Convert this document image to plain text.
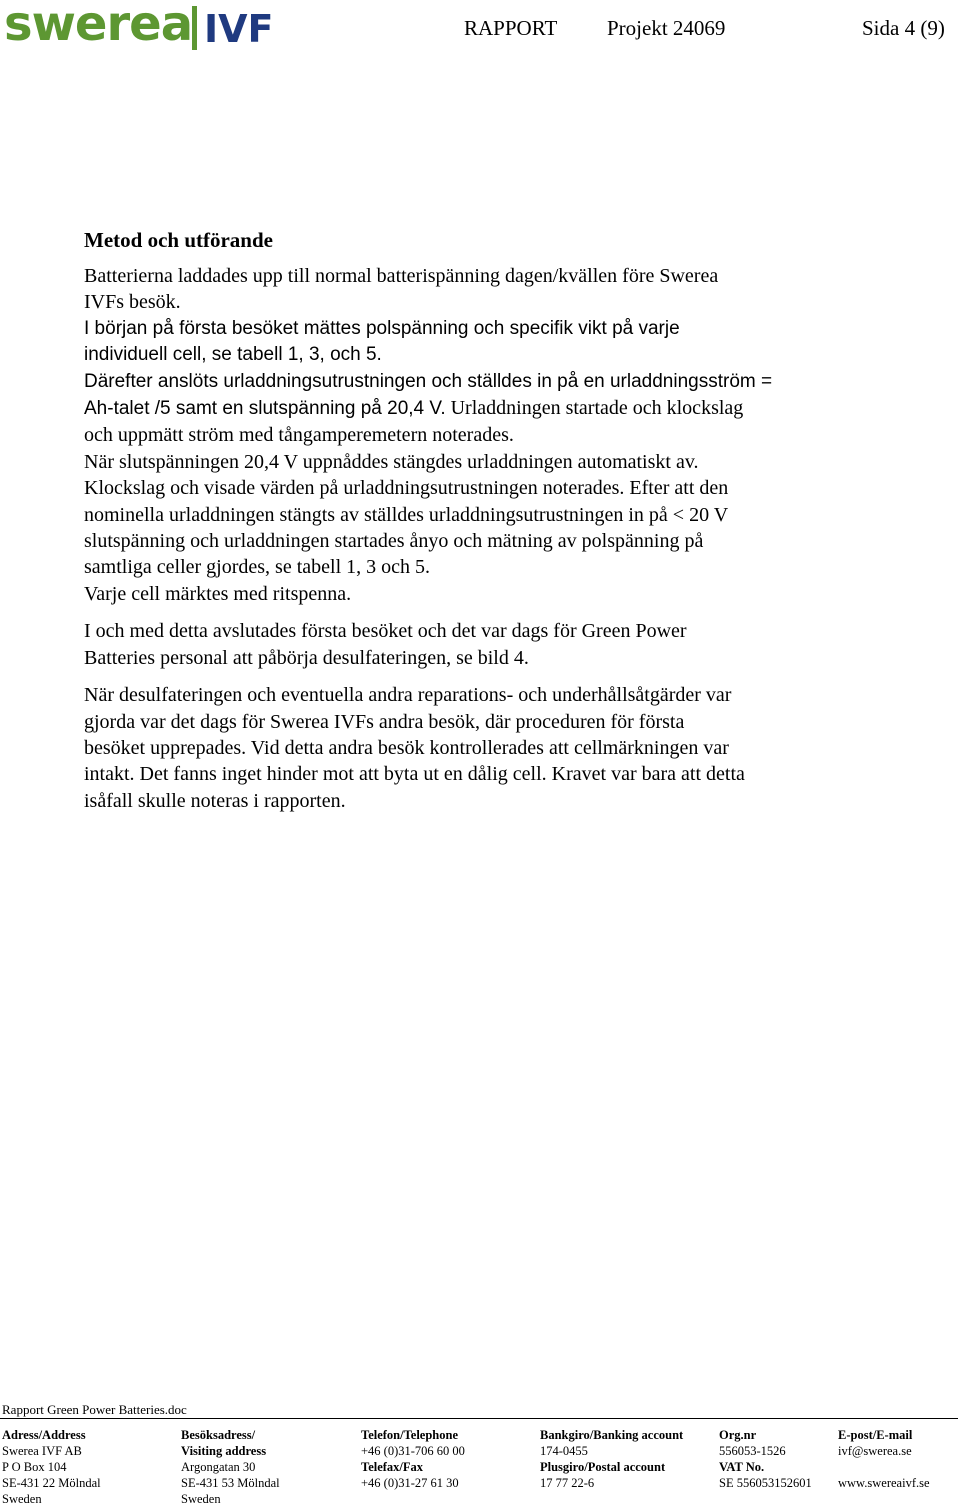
swerea IVF	RAPPORT Projekt 24069	Sida 4 (9)
Metod och utförande

Batterierna laddades upp till normal batterispänning dagen/kvällen före Swerea
IVFs besök.
I början på första besöket mättes polspänning och specifik vikt på varje
individuell cell, se tabell 1, 3, och 5.
Därefter anslöts urladdningsutrustningen och ställdes in på en urladdningsström =
Ah-talet /5 samt en slutspänning på 20,4 V. Urladdningen startade och klockslag
och uppmätt ström med tångamperemetern noterades.
När slutspänningen 20,4 V uppnåddes stängdes urladdningen automatiskt av.
Klockslag och visade värden på urladdningsutrustningen noterades. Efter att den
nominella urladdningen stängts av ställdes urladdningsutrustningen in på < 20 V
slutspänning och urladdningen startades ånyo och mätning av polspänning på
samtliga celler gjordes, se tabell 1, 3 och 5.
Varje cell märktes med ritspenna.

I och med detta avslutades första besöket och det var dags för Green Power
Batteries personal att påbörja desulfateringen, se bild 4.

När desulfateringen och eventuella andra reparations- och underhållsåtgärder var
gjorda var det dags för Swerea IVFs andra besök, där proceduren för första
besöket upprepades. Vid detta andra besök kontrollerades att cellmärkningen var
intakt. Det fanns inget hinder mot att byta ut en dålig cell. Kravet var bara att detta
isåfall skulle noteras i rapporten.

Rapport Green Power Batteries.doc
Adress/Address
Swerea IVF AB
P O Box 104
SE-431 22 Mölndal
Sweden
Besöksadress/
Visiting address
Argongatan 30
SE-431 53 Mölndal
Sweden
Telefon/Telephone
+46 (0)31-706 60 00
Telefax/Fax
+46 (0)31-27 61 30
Bankgiro/Banking account
174-0455
Plusgiro/Postal account
17 77 22-6
Org.nr
556053-1526
VAT No.
SE 556053152601
E-post/E-mail
ivf@swerea.se

www.swereaivf.se
